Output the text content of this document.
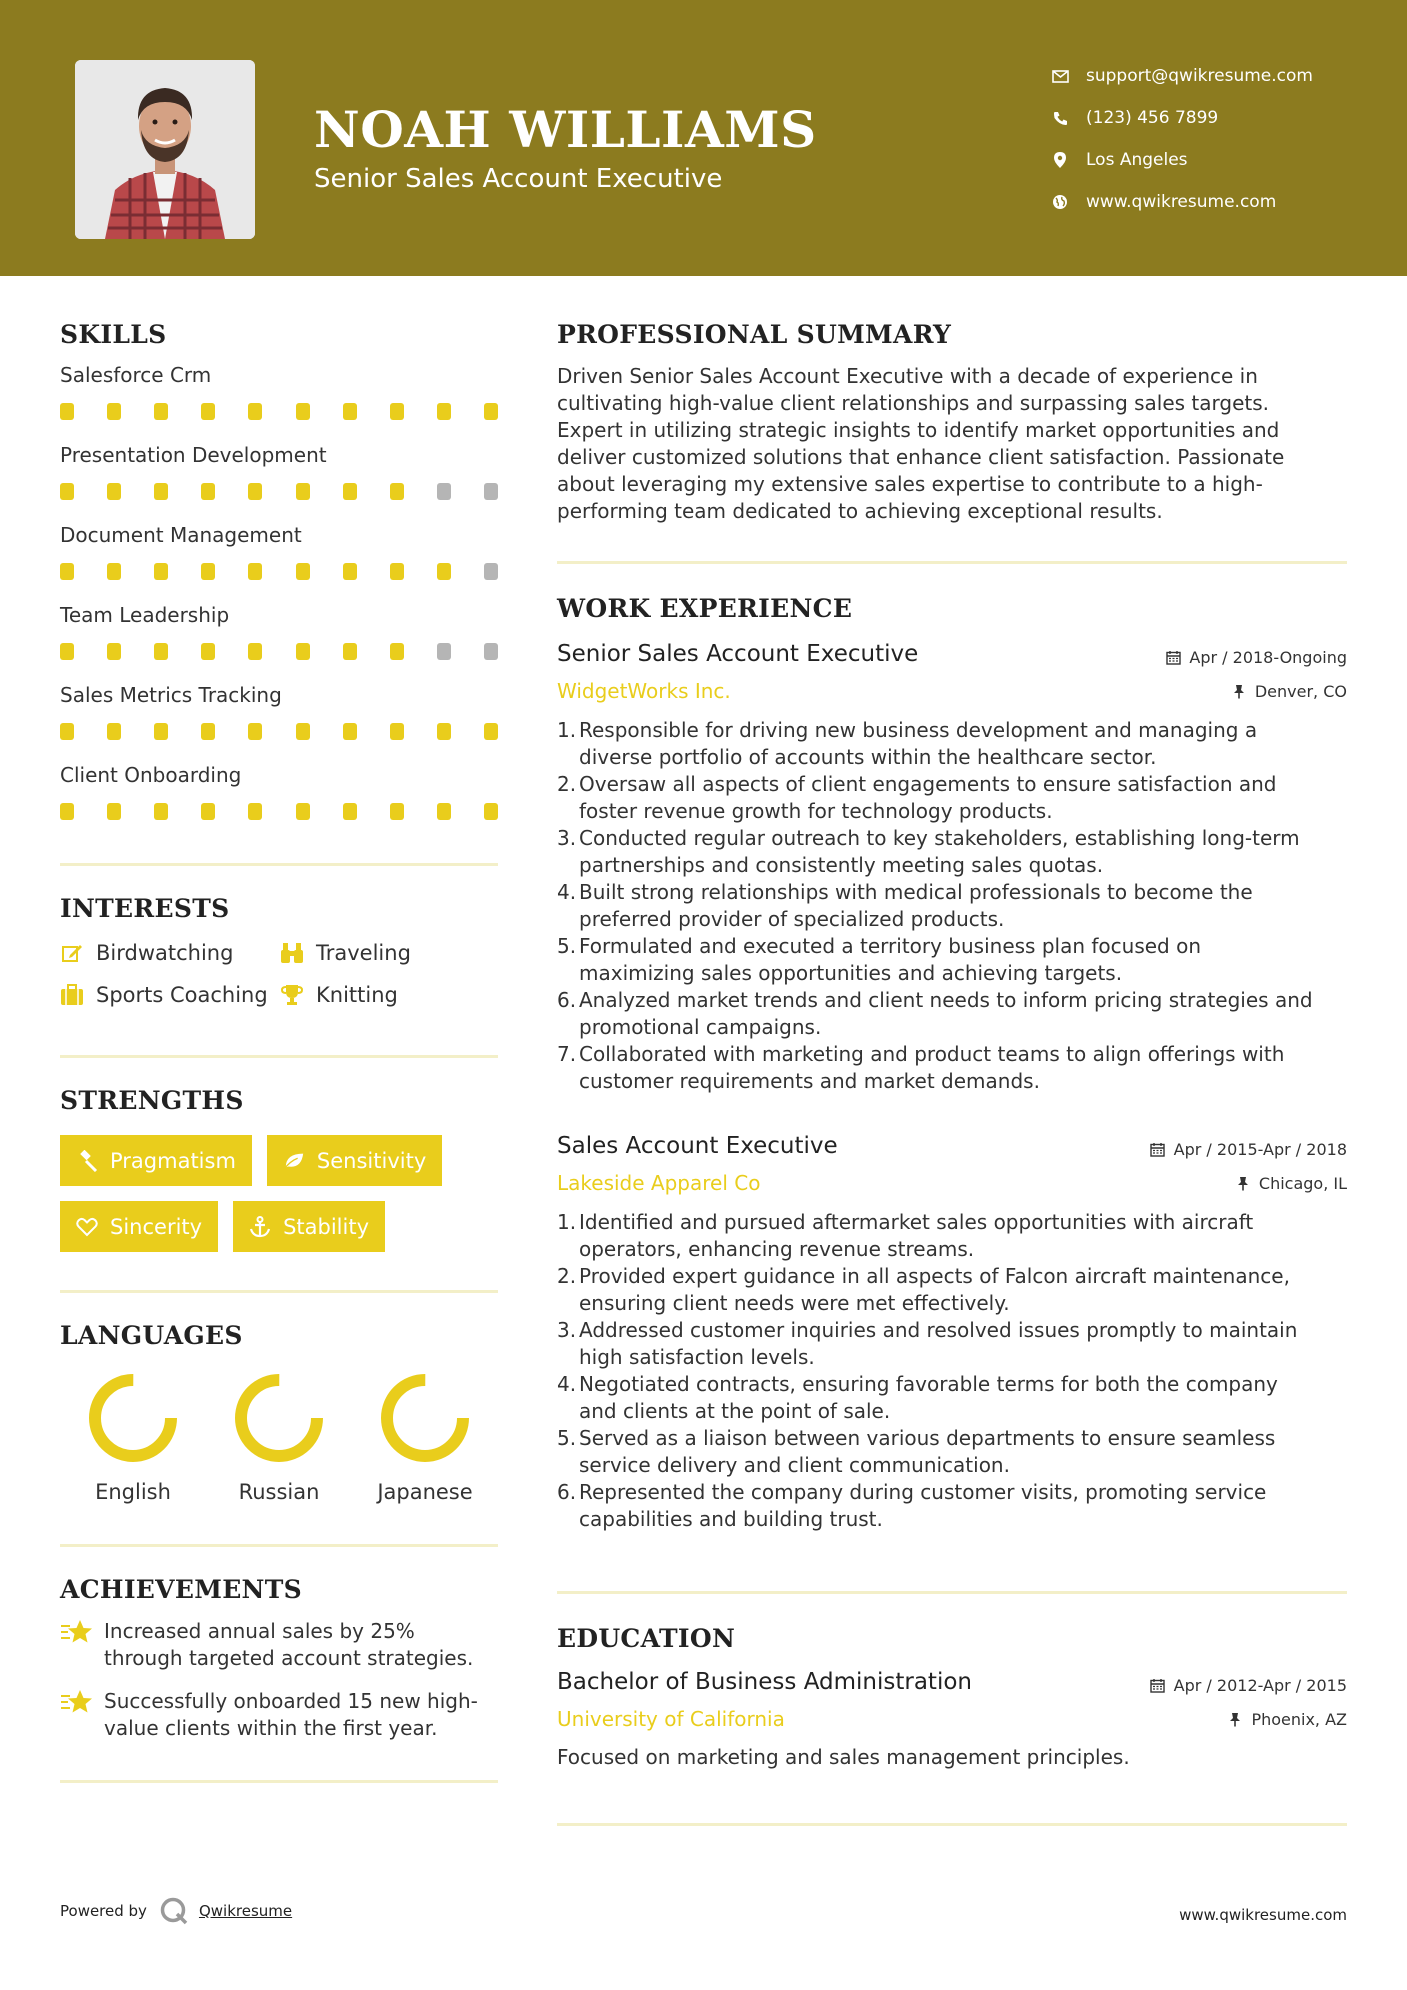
NOAH WILLIAMS
Senior Sales Account Executive
support@qwikresume.com
(123) 456 7899
Los Angeles
www.qwikresume.com
SKILLS
Salesforce Crm
Presentation Development
Document Management
Team Leadership
Sales Metrics Tracking
Client Onboarding
INTERESTS
Birdwatching	Traveling
Sports Coaching Knitting
STRENGTHS
Pragmatism	Sensitivity
Sincerity	Stability
LANGUAGES
English	Russian	Japanese
ACHIEVEMENTS
Increased annual sales by 25%
through targeted account strategies.
Successfully onboarded 15 new high-
value clients within the first year.
PROFESSIONAL SUMMARY
Driven Senior Sales Account Executive with a decade of experience in
cultivating high-value client relationships and surpassing sales targets.
Expert in utilizing strategic insights to identify market opportunities and
deliver customized solutions that enhance client satisfaction. Passionate
about leveraging my extensive sales expertise to contribute to a high-
performing team dedicated to achieving exceptional results.
WORK EXPERIENCE
Senior Sales Account Executive	Apr / 2018-Ongoing
WidgetWorks Inc.	Denver, CO
1. Responsible for driving new business development and managing a
diverse portfolio of accounts within the healthcare sector.
2. Oversaw all aspects of client engagements to ensure satisfaction and
foster revenue growth for technology products.
3. Conducted regular outreach to key stakeholders, establishing long-term
partnerships and consistently meeting sales quotas.
4. Built strong relationships with medical professionals to become the
preferred provider of specialized products.
5. Formulated and executed a territory business plan focused on
maximizing sales opportunities and achieving targets.
6. Analyzed market trends and client needs to inform pricing strategies and
promotional campaigns.
7. Collaborated with marketing and product teams to align offerings with
customer requirements and market demands.
Sales Account Executive	Apr / 2015-Apr / 2018
Lakeside Apparel Co	Chicago, IL
1. Identified and pursued aftermarket sales opportunities with aircraft
operators, enhancing revenue streams.
2. Provided expert guidance in all aspects of Falcon aircraft maintenance,
ensuring client needs were met effectively.
3. Addressed customer inquiries and resolved issues promptly to maintain
high satisfaction levels.
4. Negotiated contracts, ensuring favorable terms for both the company
and clients at the point of sale.
5. Served as a liaison between various departments to ensure seamless
service delivery and client communication.
6. Represented the company during customer visits, promoting service
capabilities and building trust.
EDUCATION
Bachelor of Business Administration	Apr / 2012-Apr / 2015
University of California	Phoenix, AZ
Focused on marketing and sales management principles.
Powered by	Qwikresume	www.qwikresume.com
